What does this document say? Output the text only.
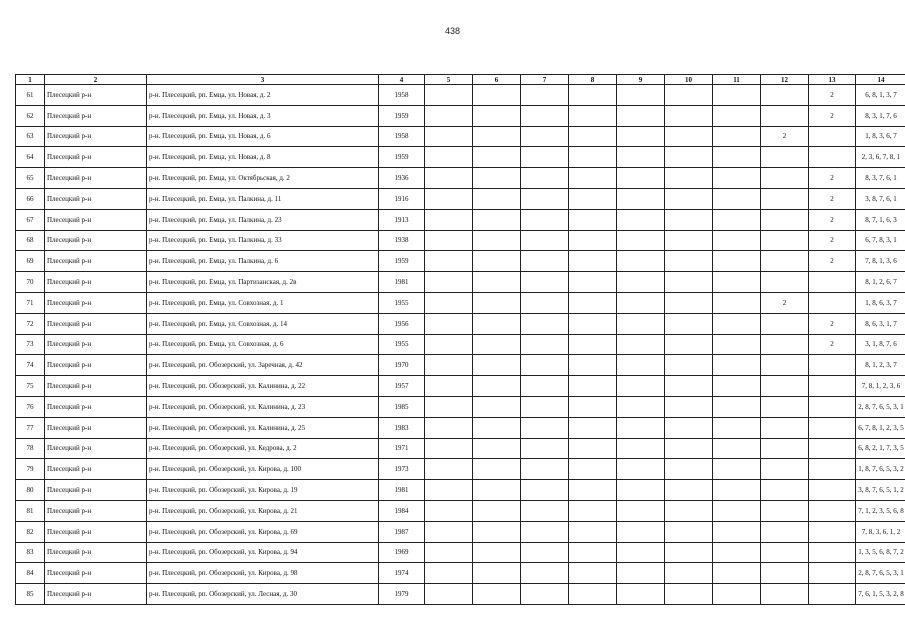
438
1	2	3	4	5	6	7	8	9	10	11	12	13	14
61	Плесецкий р-н	р-н. Плесецкий, рп. Емца, ул. Новая, д. 2	1958									2	6, 8, 1, 3, 7
62	Плесецкий р-н	р-н. Плесецкий, рп. Емца, ул. Новая, д. 3	1959									2	8, 3, 1, 7, 6
63	Плесецкий р-н	р-н. Плесецкий, рп. Емца, ул. Новая, д. 6	1958								2		1, 8, 3, 6, 7
64	Плесецкий р-н	р-н. Плесецкий, рп. Емца, ул. Новая, д. 8	1959										2, 3, 6, 7, 8, 1
65	Плесецкий р-н	р-н. Плесецкий, рп. Емца, ул. Октябрьская, д. 2	1936									2	8, 3, 7, 6, 1
66	Плесецкий р-н	р-н. Плесецкий, рп. Емца, ул. Палкина, д. 11	1916									2	3, 8, 7, 6, 1
67	Плесецкий р-н	р-н. Плесецкий, рп. Емца, ул. Палкина, д. 23	1913									2	8, 7, 1, 6, 3
68	Плесецкий р-н	р-н. Плесецкий, рп. Емца, ул. Палкина, д. 33	1938									2	6, 7, 8, 3, 1
69	Плесецкий р-н	р-н. Плесецкий, рп. Емца, ул. Палкина, д. 6	1959									2	7, 8, 1, 3, 6
70	Плесецкий р-н	р-н. Плесецкий, рп. Емца, ул. Партизанская, д. 2в	1981										8, 1, 2, 6, 7
71	Плесецкий р-н	р-н. Плесецкий, рп. Емца, ул. Совхозная, д. 1	1955								2		1, 8, 6, 3, 7
72	Плесецкий р-н	р-н. Плесецкий, рп. Емца, ул. Совхозная, д. 14	1956									2	8, 6, 3, 1, 7
73	Плесецкий р-н	р-н. Плесецкий, рп. Емца, ул. Совхозная, д. 6	1955									2	3, 1, 8, 7, 6
74	Плесецкий р-н	р-н. Плесецкий, рп. Обозерский, ул. Заречная, д. 42	1970										8, 1, 2, 3, 7
75	Плесецкий р-н	р-н. Плесецкий, рп. Обозерский, ул. Калинина, д. 22	1957										7, 8, 1, 2, 3, 6
76	Плесецкий р-н	р-н. Плесецкий, рп. Обозерский, ул. Калинина, д. 23	1985										2, 8, 7, 6, 5, 3, 1
77	Плесецкий р-н	р-н. Плесецкий, рп. Обозерский, ул. Калинина, д. 25	1983										6, 7, 8, 1, 2, 3, 5
78	Плесецкий р-н	р-н. Плесецкий, рп. Обозерский, ул. Кедрова, д. 2	1971										6, 8, 2, 1, 7, 3, 5
79	Плесецкий р-н	р-н. Плесецкий, рп. Обозерский, ул. Кирова, д. 100	1973										1, 8, 7, 6, 5, 3, 2
80	Плесецкий р-н	р-н. Плесецкий, рп. Обозерский, ул. Кирова, д. 19	1981										3, 8, 7, 6, 5, 1, 2
81	Плесецкий р-н	р-н. Плесецкий, рп. Обозерский, ул. Кирова, д. 21	1984										7, 1, 2, 3, 5, 6, 8
82	Плесецкий р-н	р-н. Плесецкий, рп. Обозерский, ул. Кирова, д. 69	1987										7, 8, 3, 6, 1, 2
83	Плесецкий р-н	р-н. Плесецкий, рп. Обозерский, ул. Кирова, д. 94	1969										1, 3, 5, 6, 8, 7, 2
84	Плесецкий р-н	р-н. Плесецкий, рп. Обозерский, ул. Кирова, д. 98	1974										2, 8, 7, 6, 5, 3, 1
85	Плесецкий р-н	р-н. Плесецкий, рп. Обозерский, ул. Лесная, д. 30	1979										7, 6, 1, 5, 3, 2, 8
